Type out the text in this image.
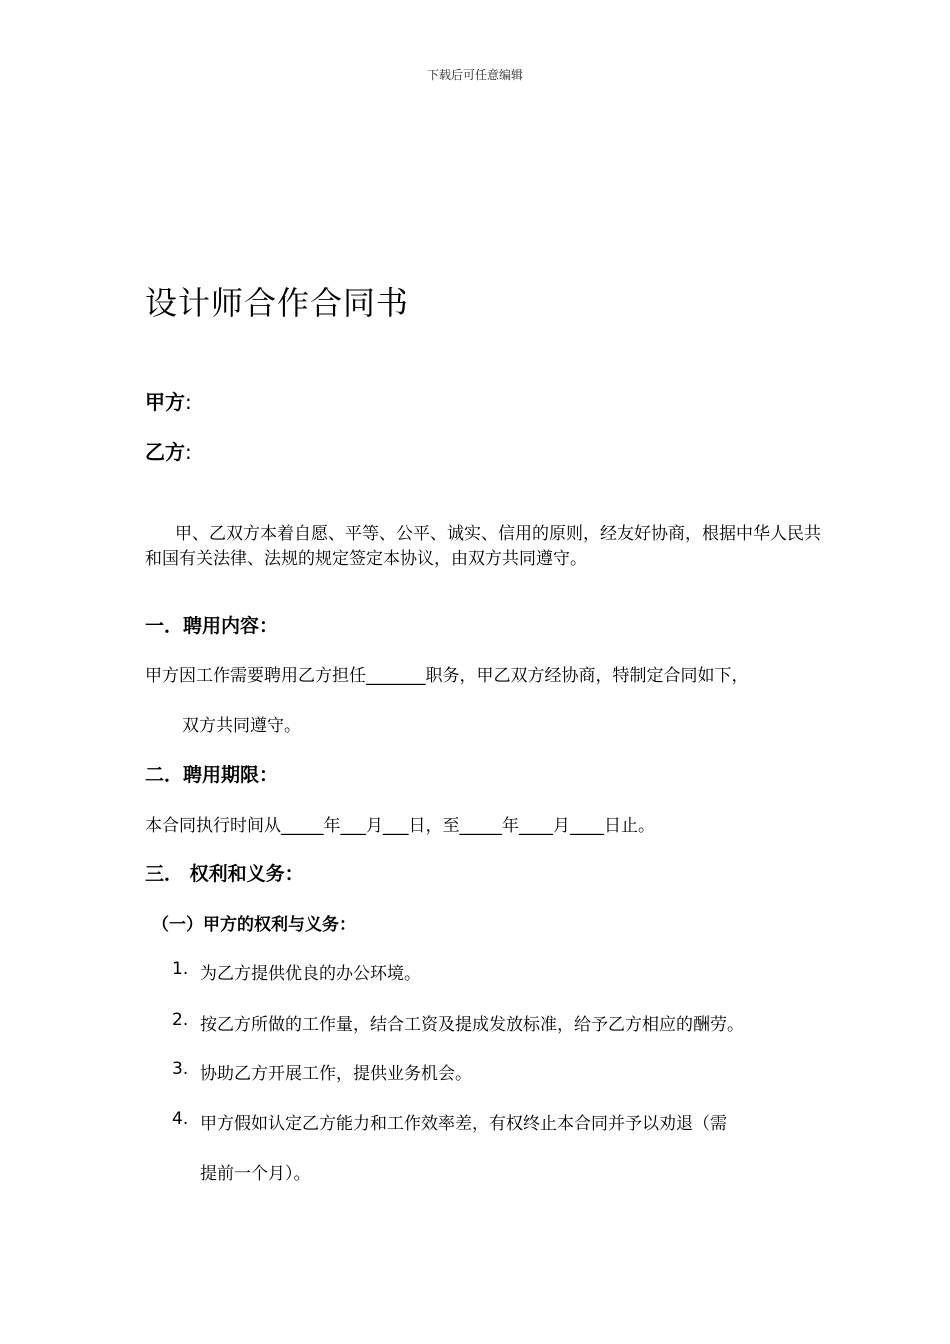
下载后可任意编辑
设计师合作合同书
甲方:
乙方:
甲、乙双方本着自愿、平等、公平、诚实、信用的原则，经友好协商，根据中华人民共和国有关法律、法规的规定签定本协议，由双方共同遵守。
一．聘用内容：
甲方因工作需要聘用乙方担任_______职务，甲乙双方经协商，特制定合同如下，
双方共同遵守。
二．聘用期限：
本合同执行时间从_____年___月___日，至_____年____月____日止。
三． 权利和义务：
（一）甲方的权利与义务：
1. 为乙方提供优良的办公环境。
2. 按乙方所做的工作量，结合工资及提成发放标准，给予乙方相应的酬劳。
3. 协助乙方开展工作，提供业务机会。
4. 甲方假如认定乙方能力和工作效率差，有权终止本合同并予以劝退（需
提前一个月）。
